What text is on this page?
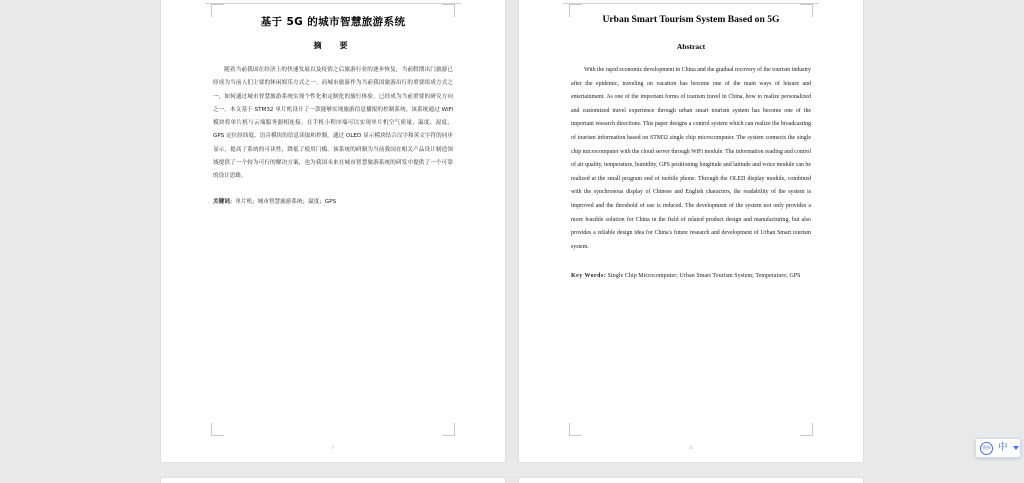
基于 5G 的城市智慧旅游系统
摘　要

随着当前我国在经济上的快速发展以及疫情之后旅游行业的逐步恢复，当前假期出门旅游已经成为当前人们主要的休闲娱乐方式之一。而城市旅游作为当前我国旅游出行的重要组成方式之一，如何通过城市智慧旅游系统实现个性化和定制化的旅行体验，已经成为当前重要的研究方向之一。本文基于 STM32 单片机设计了一款能够实现旅游信息播报的控制系统。该系统通过 WiFi 模块将单片机与云端服务器相连接。在手机小程序端可以实现单片机空气质量、温度、湿度、GPS 定位经纬度、语音模块的信息读取和控制。通过 OLED 显示模块结合汉字和英文字符的同步显示，提高了系统的可读性，降低了使用门槛。该系统的研制为当前我国在相关产品设计制造领域提供了一个较为可行的解决方案，也为我国未来在城市智慧旅游系统的研发中提供了一个可靠的设计思路。

关键词：单片机；城市智慧旅游系统；温度；GPS
I
Urban Smart Tourism System Based on 5G
Abstract

With the rapid economic development in China and the gradual recovery of the tourism industry after the epidemic, traveling on vacation has become one of the main ways of leisure and entertainment. As one of the important forms of tourism travel in China, how to realize personalized and customized travel experience through urban smart tourism system has become one of the important research directions. This paper designs a control system which can realize the broadcasting of tourism information based on STM32 single chip microcomputer. The system connects the single chip microcomputer with the cloud server through WiFi module. The information reading and control of air quality, temperature, humidity, GPS positioning longitude and latitude and voice module can be realized at the small program end of mobile phone. Through the OLED display module, combined with the synchronous display of Chinese and English characters, the readability of the system is improved and the threshold of use is reduced. The development of the system not only provides a more feasible solution for China in the field of related product design and manufacturing, but also provides a reliable design idea for China's future research and development of Urban Smart tourism system.

Key Words: Single Chip Microcomputer; Urban Smart Tourism System; Temperature; GPS
II	搜狗 中
